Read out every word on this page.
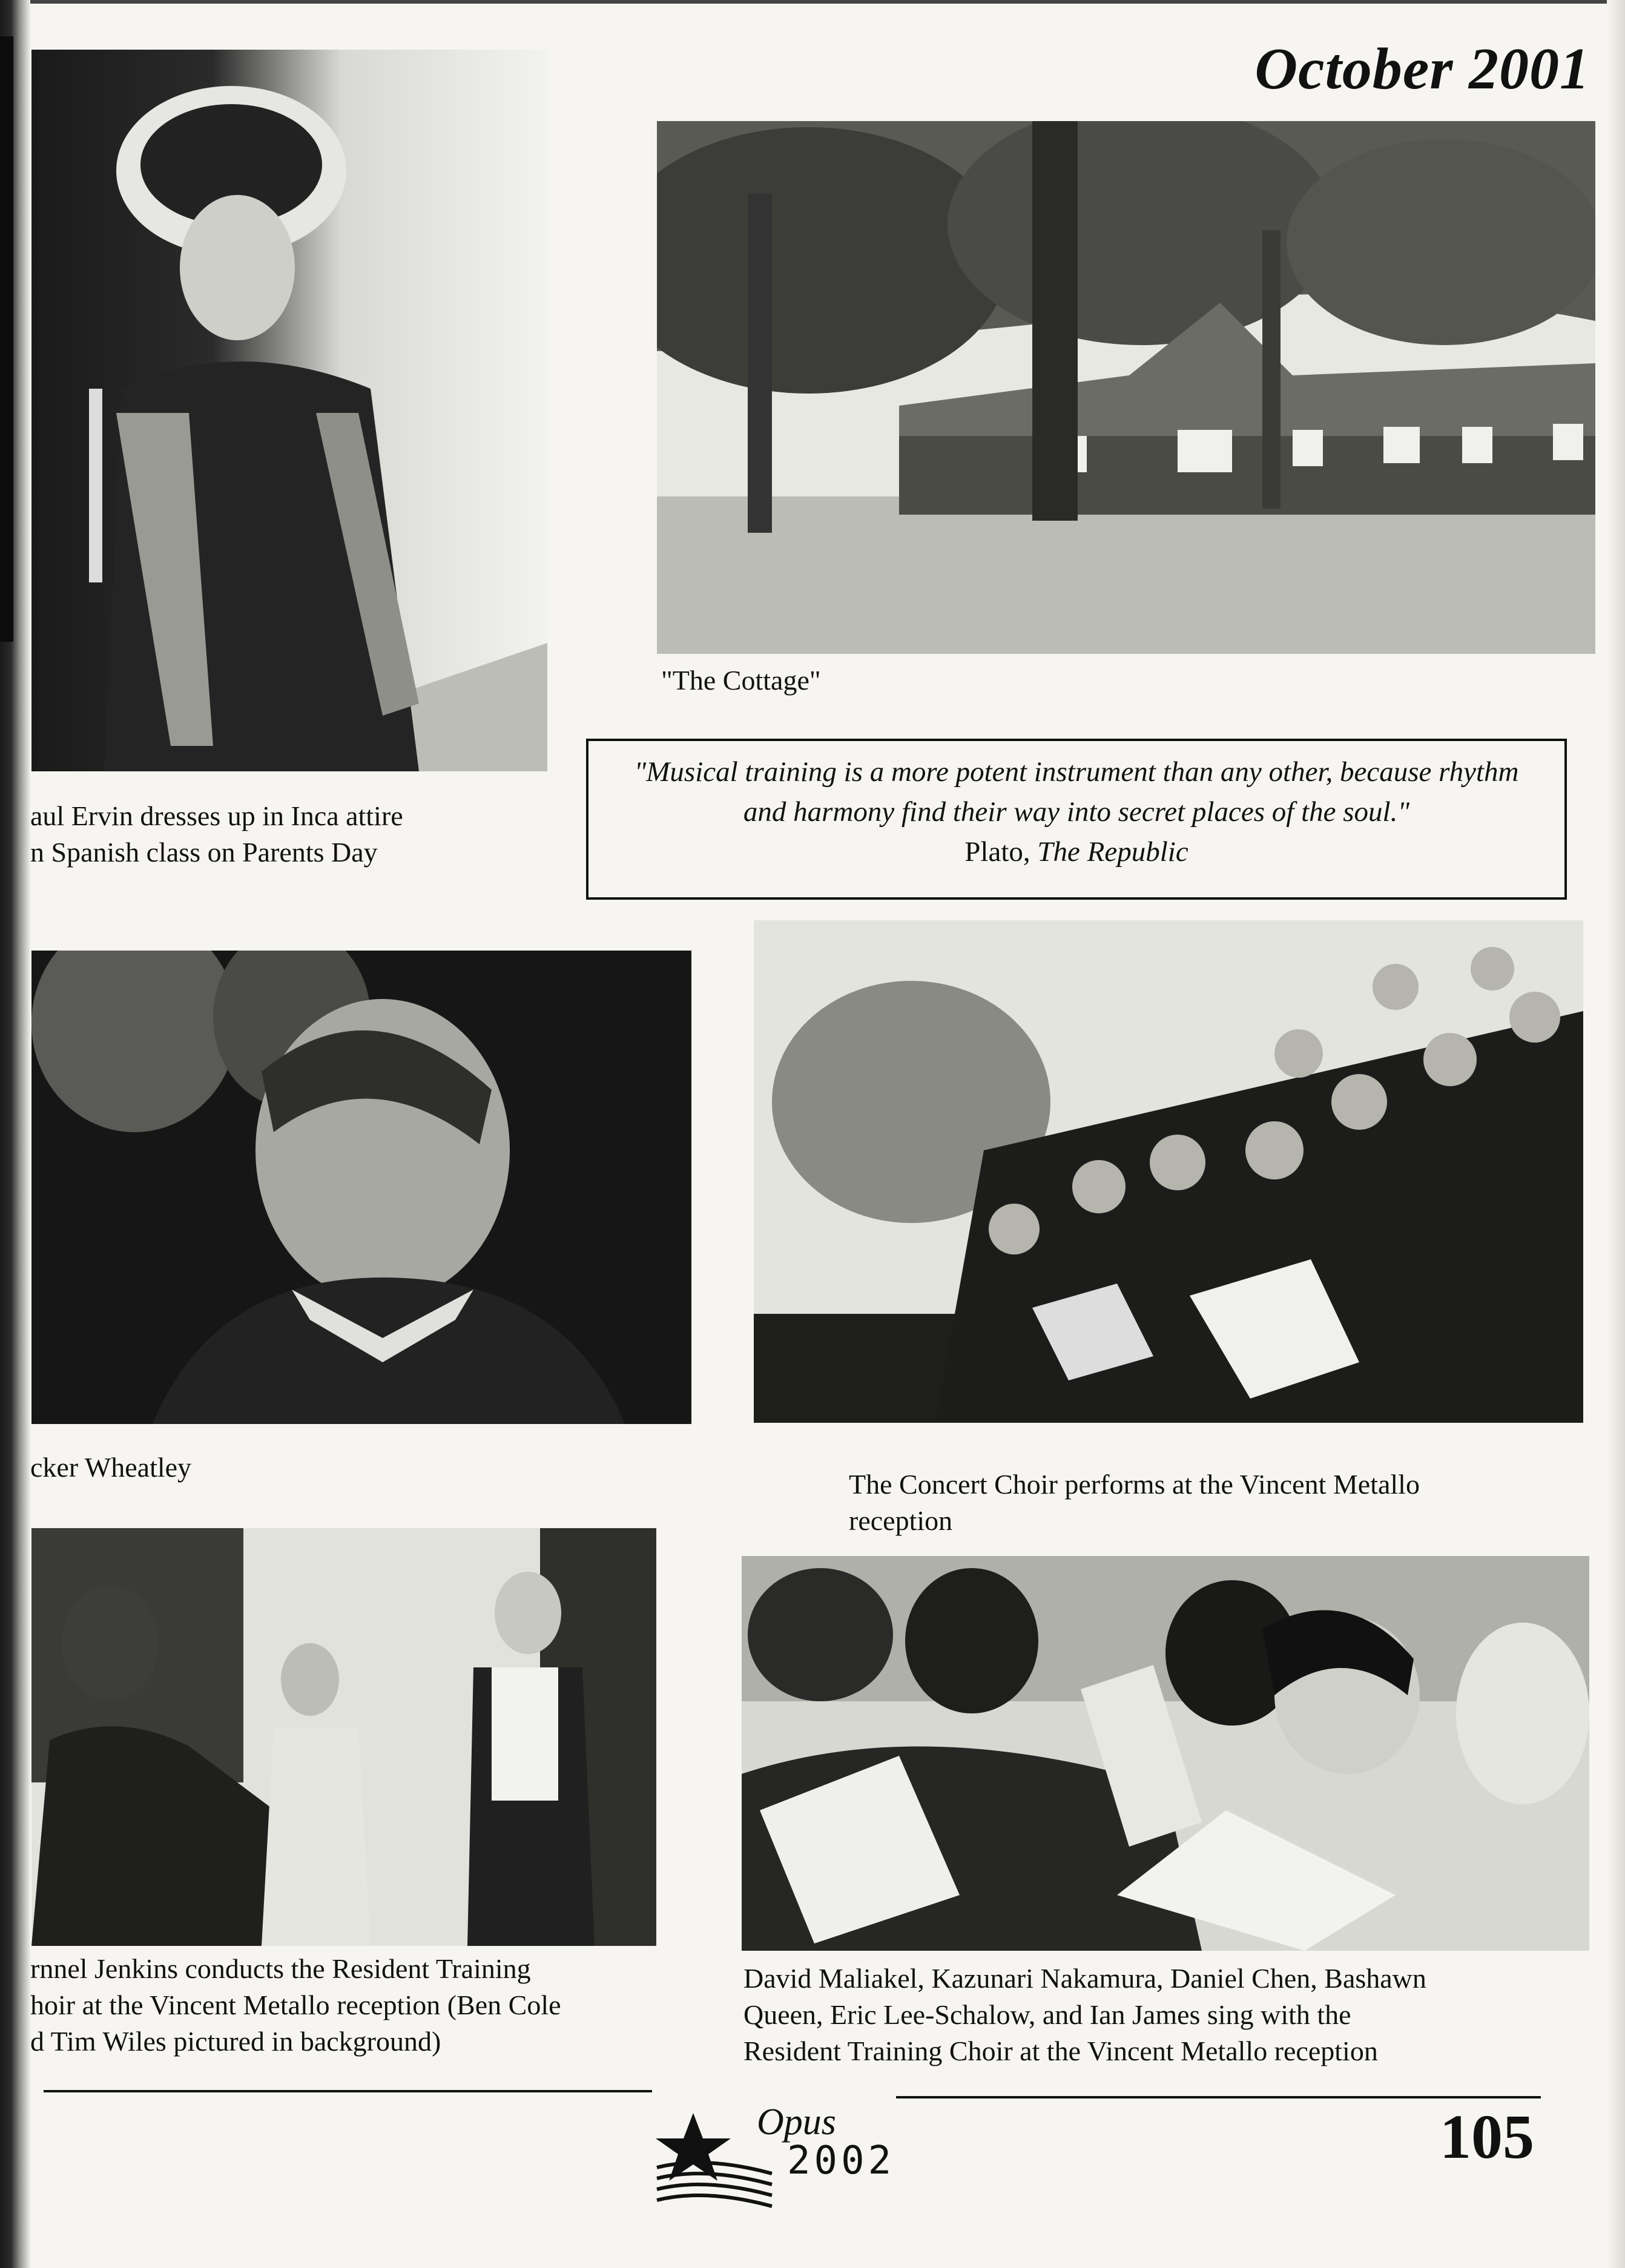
October 2001
aul Ervin dresses up in Inca attire
n Spanish class on Parents Day
"The Cottage"
"Musical training is a more potent instrument than any other, because rhythm
and harmony find their way into secret places of the soul."
Plato, The Republic
cker Wheatley
The Concert Choir performs at the Vincent Metallo
reception
rnnel Jenkins conducts the Resident Training
hoir at the Vincent Metallo reception (Ben Cole
d Tim Wiles pictured in background)
David Maliakel, Kazunari Nakamura, Daniel Chen, Bashawn
Queen, Eric Lee-Schalow, and Ian James sing with the
Resident Training Choir at the Vincent Metallo reception
Opus
2002	105
